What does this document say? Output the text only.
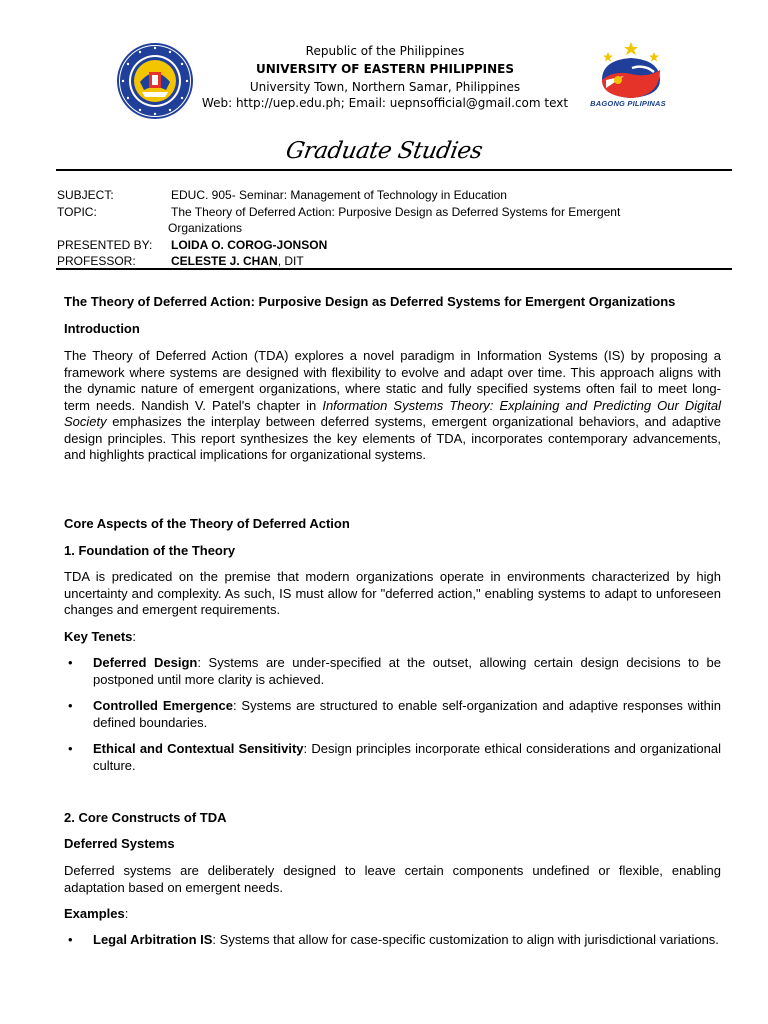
BAGONG PILIPINAS
Republic of the Philippines
UNIVERSITY OF EASTERN PHILIPPINES
University Town, Northern Samar, Philippines
Web: http://uep.edu.ph; Email: uepnsofficial@gmail.com text
Graduate Studies
SUBJECT:	EDUC. 905- Seminar: Management of Technology in Education
TOPIC:	The Theory of Deferred Action: Purposive Design as Deferred Systems for Emergent
Organizations
PRESENTED BY: LOIDA O. COROG-JONSON
PROFESSOR:	CELESTE J. CHAN, DIT
The Theory of Deferred Action: Purposive Design as Deferred Systems for Emergent Organizations
Introduction
The Theory of Deferred Action (TDA) explores a novel paradigm in Information Systems (IS) by proposing a framework where systems are designed with flexibility to evolve and adapt over time. This approach aligns with the dynamic nature of emergent organizations, where static and fully specified systems often fail to meet long-term needs. Nandish V. Patel's chapter in Information Systems Theory: Explaining and Predicting Our Digital Society emphasizes the interplay between deferred systems, emergent organizational behaviors, and adaptive design principles. This report synthesizes the key elements of TDA, incorporates contemporary advancements, and highlights practical implications for organizational systems.
Core Aspects of the Theory of Deferred Action
1. Foundation of the Theory
TDA is predicated on the premise that modern organizations operate in environments characterized by high uncertainty and complexity. As such, IS must allow for "deferred action," enabling systems to adapt to unforeseen changes and emergent requirements.
Key Tenets:
• Deferred Design: Systems are under-specified at the outset, allowing certain design decisions to be postponed until more clarity is achieved.
• Controlled Emergence: Systems are structured to enable self-organization and adaptive responses within defined boundaries.
• Ethical and Contextual Sensitivity: Design principles incorporate ethical considerations and organizational culture.
2. Core Constructs of TDA
Deferred Systems
Deferred systems are deliberately designed to leave certain components undefined or flexible, enabling adaptation based on emergent needs.
Examples:
• Legal Arbitration IS: Systems that allow for case-specific customization to align with jurisdictional variations.
